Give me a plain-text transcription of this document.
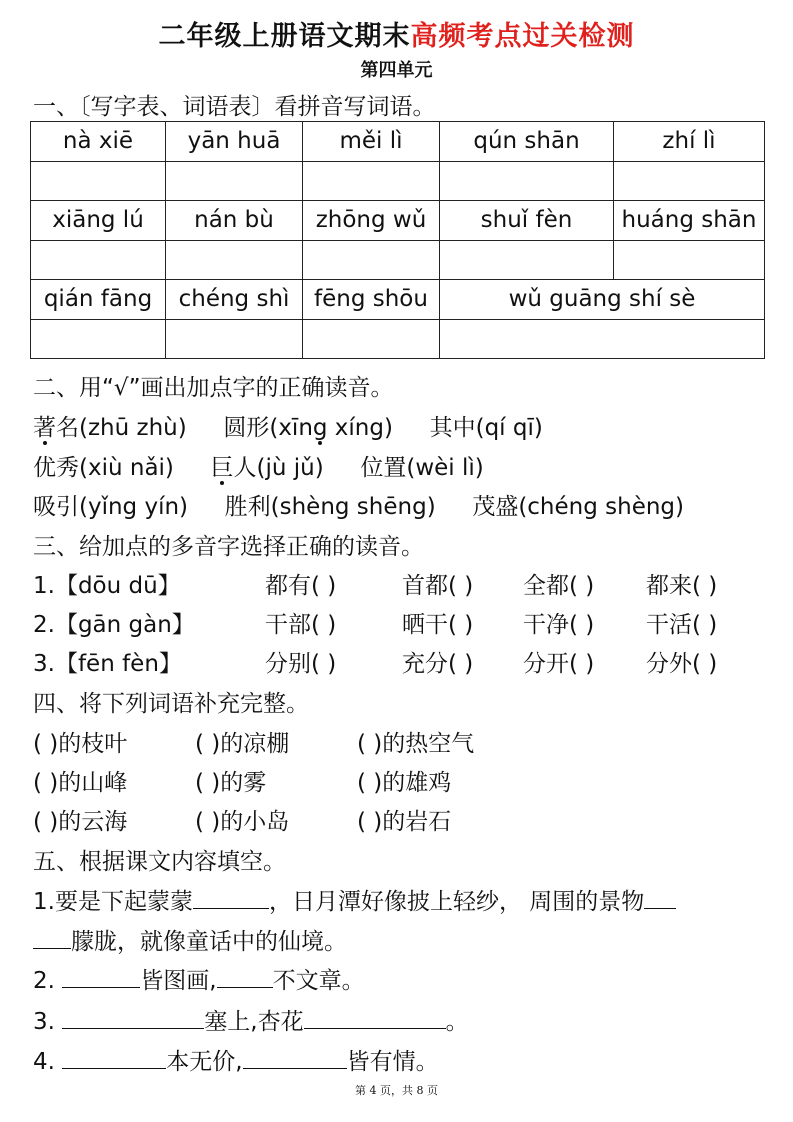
二年级上册语文期末高频考点过关检测
第四单元
一、〔写字表、词语表〕看拼音写词语。
nà xiē	yān huā	měi lì	qún shān	zhí lì

xiāng lú	nán bù	zhōng wǔ	shuǐ fèn	huáng shān

qián fāng	chéng shì	fēng shōu	wǔ guāng shí sè	

二、用“√”画出加点字的正确读音。
著名(zhū zhù) 圆形(xīng xíng) 其中(qí qī)
优秀(xiù nǎi) 巨人(jù jǔ) 位置(wèi lì)
吸引(yǐng yín) 胜利(shèng shēng) 茂盛(chéng shèng)
三、给加点的多音字选择正确的读音。
1.【dōu dū】	都有( )	首都( ) 全都( ) 都来( )
2.【gān gàn】	干部( )	晒干( ) 干净( ) 干活( )
3.【fēn fèn】	分别( )	充分( ) 分开( ) 分外( )
四、将下列词语补充完整。
( )的枝叶	( )的凉棚	( )的热空气
( )的山峰	( )的雾	( )的雄鸡
( )的云海	( )的小岛	( )的岩石
五、根据课文内容填空。
1.要是下起蒙蒙	，日月潭好像披上轻纱， 周围的景物
朦胧，就像童话中的仙境。
2.	皆图画, 不文章。
3.	塞上,杏花	。
4.	本无价,	皆有情。
第 4 页，共 8 页
